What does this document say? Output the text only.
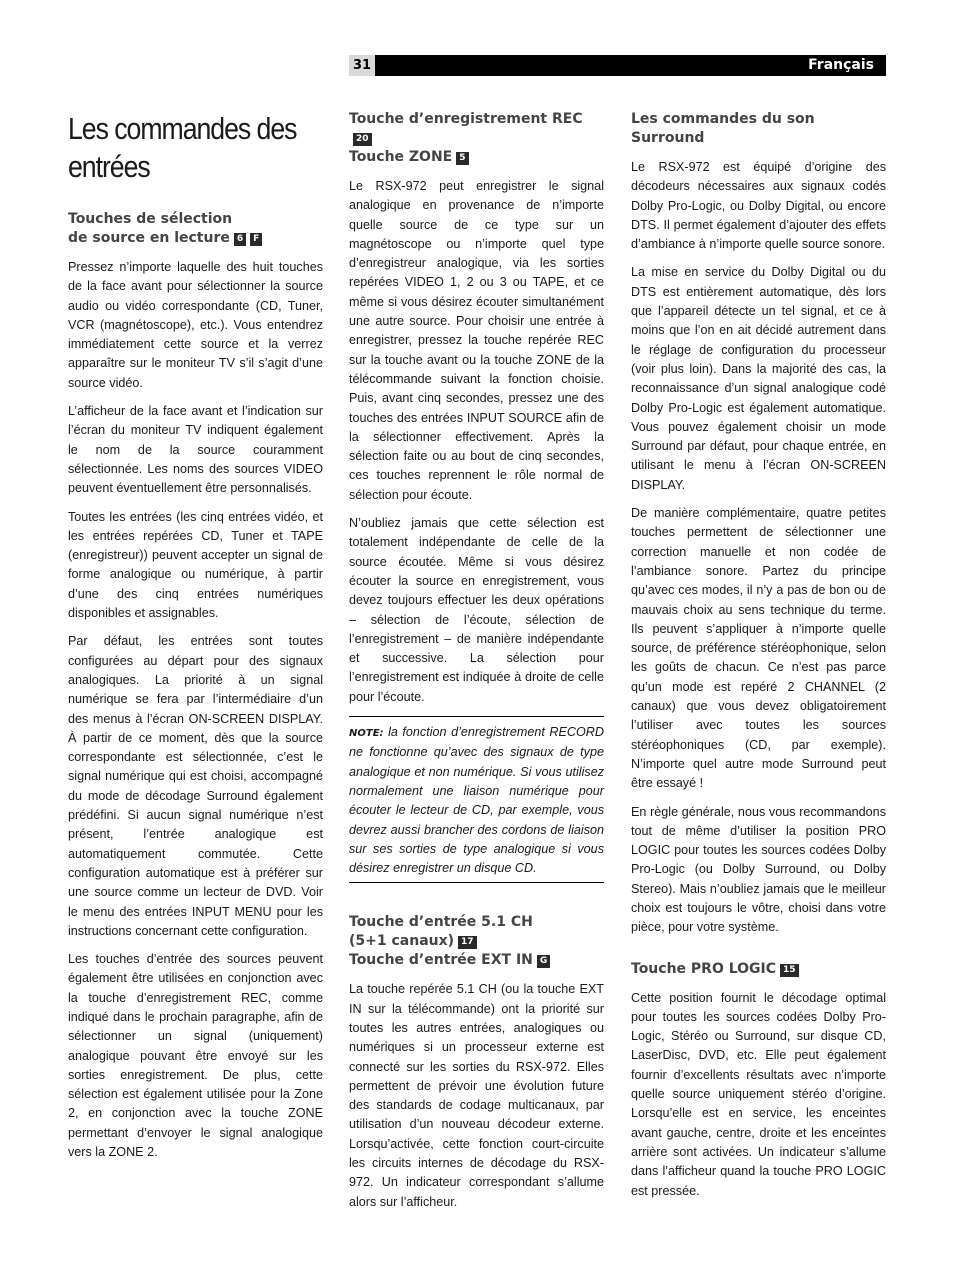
31	Français
Les commandes des
entrées
Touches de sélection
de source en lecture 6 F

Pressez n’importe laquelle des huit touches de la face avant pour sélectionner la source audio ou vidéo correspondante (CD, Tuner, VCR (magnétoscope), etc.). Vous entendrez immédiatement cette source et la verrez apparaître sur le moniteur TV s’il s’agit d’une source vidéo.

L’afficheur de la face avant et l’indication sur l’écran du moniteur TV indiquent également le nom de la source couramment sélectionnée. Les noms des sources VIDEO peuvent éventuellement être personnalisés.

Toutes les entrées (les cinq entrées vidéo, et les entrées repérées CD, Tuner et TAPE (enregistreur)) peuvent accepter un signal de forme analogique ou numérique, à partir d’une des cinq entrées numériques disponibles et assignables.

Par défaut, les entrées sont toutes configurées au départ pour des signaux analogiques. La priorité à un signal numérique se fera par l’intermédiaire d’un des menus à l’écran ON-SCREEN DISPLAY. À partir de ce moment, dès que la source correspondante est sélectionnée, c’est le signal numérique qui est choisi, accompagné du mode de décodage Surround également prédéfini. Si aucun signal numérique n’est présent, l’entrée analogique est automatiquement commutée. Cette configuration automatique est à préférer sur une source comme un lecteur de DVD. Voir le menu des entrées INPUT MENU pour les instructions concernant cette configuration.

Les touches d’entrée des sources peuvent également être utilisées en conjonction avec la touche d’enregistrement REC, comme indiqué dans le prochain paragraphe, afin de sélectionner un signal (uniquement) analogique pouvant être envoyé sur les sorties enregistrement. De plus, cette sélection est également utilisée pour la Zone 2, en conjonction avec la touche ZONE permettant d’envoyer le signal analogique vers la ZONE 2.

Touche d’enregistrement REC20
Touche ZONE 5

Le RSX-972 peut enregistrer le signal analogique en provenance de n’importe quelle source de ce type sur un magnétoscope ou n’importe quel type d’enregistreur analogique, via les sorties repérées VIDEO 1, 2 ou 3 ou TAPE, et ce même si vous désirez écouter simultanément une autre source. Pour choisir une entrée à enregistrer, pressez la touche repérée REC sur la touche avant ou la touche ZONE de la télécommande suivant la fonction choisie. Puis, avant cinq secondes, pressez une des touches des entrées INPUT SOURCE afin de la sélectionner effectivement. Après la sélection faite ou au bout de cinq secondes, ces touches reprennent le rôle normal de sélection pour écoute.

N’oubliez jamais que cette sélection est totalement indépendante de celle de la source écoutée. Même si vous désirez écouter la source en enregistrement, vous devez toujours effectuer les deux opérations – sélection de l’écoute, sélection de l’enregistrement – de manière indépendante et successive. La sélection pour l’enregistrement est indiquée à droite de celle pour l’écoute.

NOTE: la fonction d’enregistrement RECORD ne fonctionne qu’avec des signaux de type analogique et non numérique. Si vous utilisez normalement une liaison numérique pour écouter le lecteur de CD, par exemple, vous devrez aussi brancher des cordons de liaison sur ses sorties de type analogique si vous désirez enregistrer un disque CD.

Touche d’entrée 5.1 CH
(5+1 canaux) 17
Touche d’entrée EXT IN G

La touche repérée 5.1 CH (ou la touche EXT IN sur la télécommande) ont la priorité sur toutes les autres entrées, analogiques ou numériques si un processeur externe est connecté sur les sorties du RSX-972. Elles permettent de prévoir une évolution future des standards de codage multicanaux, par utilisation d’un nouveau décodeur externe. Lorsqu’activée, cette fonction court-circuite les circuits internes de décodage du RSX-972. Un indicateur correspondant s’allume alors sur l’afficheur.

Les commandes du son
Surround

Le RSX-972 est équipé d’origine des décodeurs nécessaires aux signaux codés Dolby Pro-Logic, ou Dolby Digital, ou encore DTS. Il permet également d’ajouter des effets d’ambiance à n’importe quelle source sonore.

La mise en service du Dolby Digital ou du DTS est entièrement automatique, dès lors que l’appareil détecte un tel signal, et ce à moins que l’on en ait décidé autrement dans le réglage de configuration du processeur (voir plus loin). Dans la majorité des cas, la reconnaissance d’un signal analogique codé Dolby Pro-Logic est également automatique. Vous pouvez également choisir un mode Surround par défaut, pour chaque entrée, en utilisant le menu à l’écran ON-SCREEN DISPLAY.

De manière complémentaire, quatre petites touches permettent de sélectionner une correction manuelle et non codée de l’ambiance sonore. Partez du principe qu’avec ces modes, il n’y a pas de bon ou de mauvais choix au sens technique du terme. Ils peuvent s’appliquer à n’importe quelle source, de préférence stéréophonique, selon les goûts de chacun. Ce n’est pas parce qu’un mode est repéré 2 CHANNEL (2 canaux) que vous devez obligatoirement l’utiliser avec toutes les sources stéréophoniques (CD, par exemple). N’importe quel autre mode Surround peut être essayé !

En règle générale, nous vous recommandons tout de même d’utiliser la position PRO LOGIC pour toutes les sources codées Dolby Pro-Logic (ou Dolby Surround, ou Dolby Stereo). Mais n’oubliez jamais que le meilleur choix est toujours le vôtre, choisi dans votre pièce, pour votre système.

Touche PRO LOGIC 15

Cette position fournit le décodage optimal pour toutes les sources codées Dolby Pro-Logic, Stéréo ou Surround, sur disque CD, LaserDisc, DVD, etc. Elle peut également fournir d’excellents résultats avec n’importe quelle source uniquement stéréo d’origine. Lorsqu’elle est en service, les enceintes avant gauche, centre, droite et les enceintes arrière sont activées. Un indicateur s’allume dans l’afficheur quand la touche PRO LOGIC est pressée.
